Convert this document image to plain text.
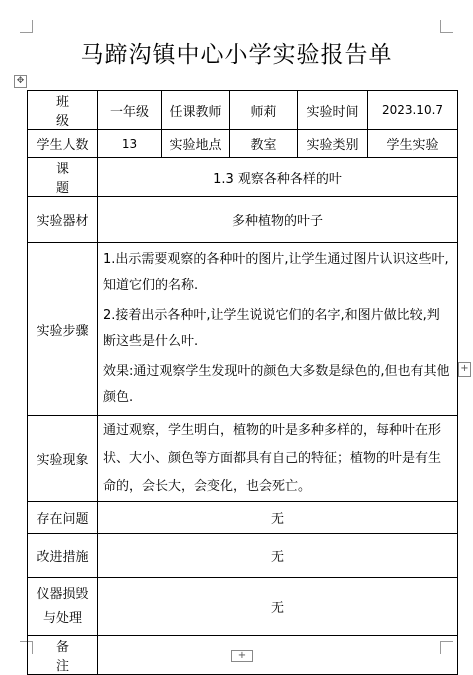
马蹄沟镇中心小学实验报告单
✥
+
+
班 级	一年级	任课教师	师莉	实验时间	2023.10.7
学生人数	13	实验地点	教室	实验类别	学生实验
课 题	1.3 观察各种各样的叶				
实验器材	多种植物的叶子				
实验步骤	1.出示需要观察的各种叶的图片,让学生通过图片认识这些叶,知道它们的名称.
2.接着出示各种叶,让学生说说它们的名字,和图片做比较,判断这些是什么叶.
效果:通过观察学生发现叶的颜色大多数是绿色的,但也有其他颜色.				

实验现象	通过观察，学生明白，植物的叶是多种多样的，每种叶在形状、大小、颜色等方面都具有自己的特征；植物的叶是有生命的，会长大，会变化，也会死亡。				

存在问题	无				
改进措施	无				

仪器损毁
与处理	无				
备 注					
